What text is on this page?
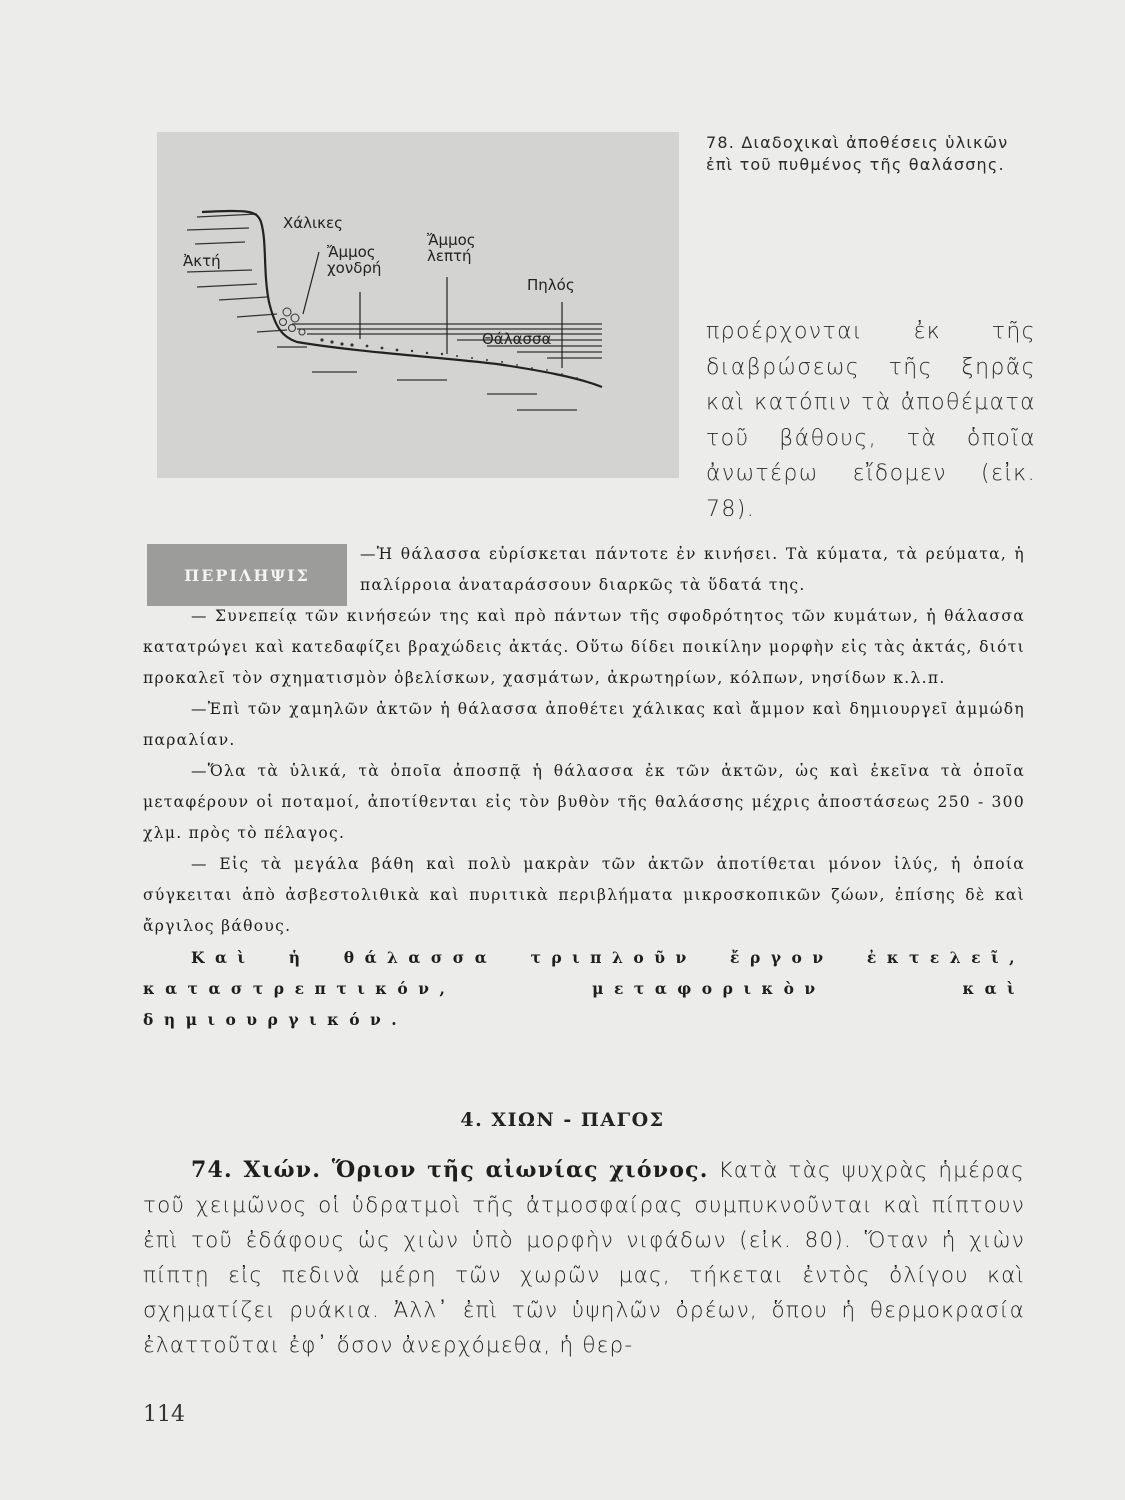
Ἀκτή
Χάλικες
Ἄμμος χονδρή
Ἄμμος λεπτή
Πηλός
Θάλασσα
78. Διαδοχικαὶ ἀποθέσεις ὑλικῶν ἐπὶ τοῦ πυθμένος τῆς θαλάσσης.

προέρχονται ἐκ τῆς διαβρώσεως τῆς ξηρᾶς καὶ κατόπιν τὰ ἀποθέματα τοῦ βάθους, τὰ ὁποῖα ἀνωτέρω εἴδομεν (εἰκ. 78).

ΠΕΡΙΛΗΨΙΣ

—Ἡ θάλασσα εὑρίσκεται πάντοτε ἐν κινήσει. Τὰ κύματα, τὰ ρεύματα, ἡ παλίρροια ἀναταράσσουν διαρκῶς τὰ ὕδατά της.

— Συνεπείᾳ τῶν κινήσεών της καὶ πρὸ πάντων τῆς σφοδρότητος τῶν κυμάτων, ἡ θάλασσα κατατρώγει καὶ κατεδαφίζει βραχώδεις ἀκτάς. Οὕτω δίδει ποικίλην μορφὴν εἰς τὰς ἀκτάς, διότι προκαλεῖ τὸν σχηματισμὸν ὀβελίσκων, χασμάτων, ἀκρωτηρίων, κόλπων, νησίδων κ.λ.π.

—Ἐπὶ τῶν χαμηλῶν ἀκτῶν ἡ θάλασσα ἀποθέτει χάλικας καὶ ἄμμον καὶ δημιουργεῖ ἀμμώδη παραλίαν.

—Ὅλα τὰ ὑλικά, τὰ ὁποῖα ἀποσπᾷ ἡ θάλασσα ἐκ τῶν ἀκτῶν, ὡς καὶ ἐκεῖνα τὰ ὁποῖα μεταφέρουν οἱ ποταμοί, ἀποτίθενται εἰς τὸν βυθὸν τῆς θαλάσσης μέχρις ἀποστάσεως 250 - 300 χλμ. πρὸς τὸ πέλαγος.

— Εἰς τὰ μεγάλα βάθη καὶ πολὺ μακρὰν τῶν ἀκτῶν ἀποτίθεται μόνον ἰλύς, ἡ ὁποία σύγκειται ἀπὸ ἀσβεστολιθικὰ καὶ πυριτικὰ περιβλήματα μικροσκοπικῶν ζώων, ἐπίσης δὲ καὶ ἄργιλος βάθους.

Καὶ ἡ θάλασσα τριπλοῦν ἔργον ἐκτελεῖ, καταστρεπτικόν, μεταφορικὸν καὶ δημιουργικόν.

4. ΧΙΩΝ - ΠΑΓΟΣ

74. Χιών. Ὅριον τῆς αἰωνίας χιόνος. Κατὰ τὰς ψυχρὰς ἡμέρας τοῦ χειμῶνος οἱ ὑδρατμοὶ τῆς ἀτμοσφαίρας συμπυκνοῦνται καὶ πίπτουν ἐπὶ τοῦ ἐδάφους ὡς χιὼν ὑπὸ μορφὴν νιφάδων (εἰκ. 80). Ὅταν ἡ χιὼν πίπτῃ εἰς πεδινὰ μέρη τῶν χωρῶν μας, τήκεται ἐντὸς ὀλίγου καὶ σχηματίζει ρυάκια. Ἀλλ᾽ ἐπὶ τῶν ὑψηλῶν ὀρέων, ὅπου ἡ θερμοκρασία ἐλαττοῦται ἐφ᾽ ὅσον ἀνερχόμεθα, ἡ θερ-

114
